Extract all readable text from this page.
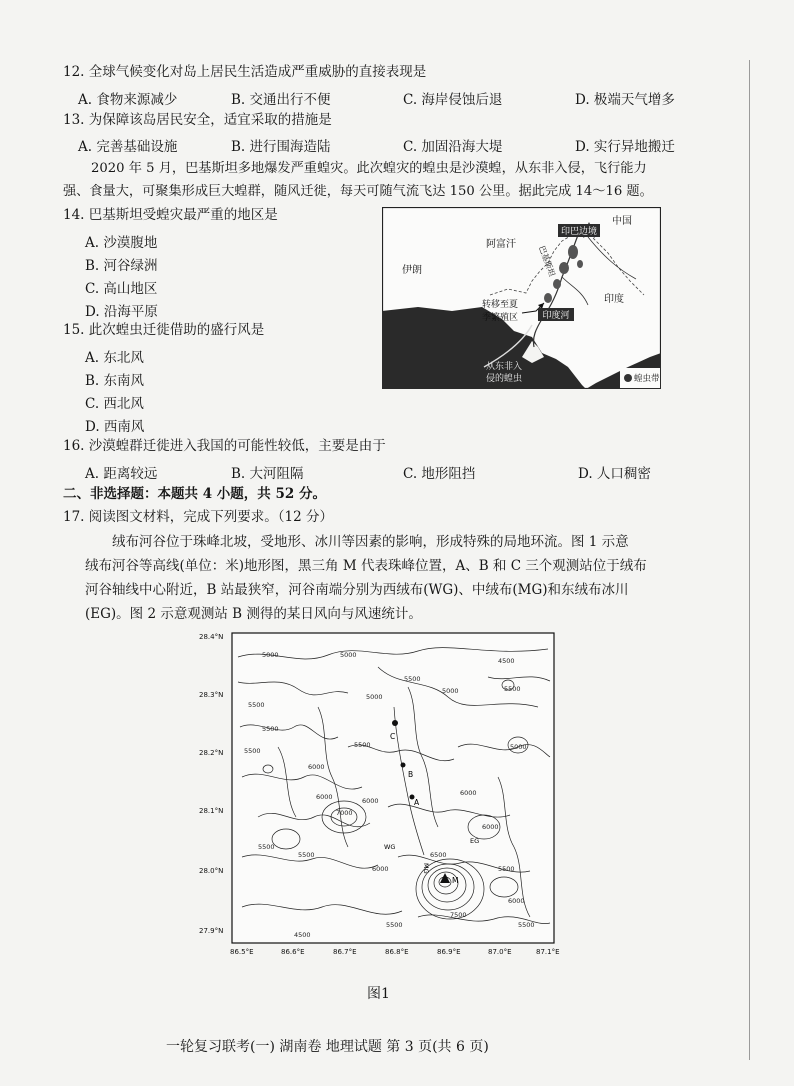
12. 全球气候变化对岛上居民生活造成严重威胁的直接表现是
A. 食物来源减少	B. 交通出行不便	C. 海岸侵蚀后退	D. 极端天气增多
13. 为保障该岛居民安全，适宜采取的措施是
A. 完善基础设施	B. 进行围海造陆	C. 加固沿海大堤	D. 实行异地搬迁
2020 年 5 月，巴基斯坦多地爆发严重蝗灾。此次蝗灾的蝗虫是沙漠蝗，从东非入侵，飞行能力
强、食量大，可聚集形成巨大蝗群，随风迁徙，每天可随气流飞达 150 公里。据此完成 14～16 题。
14. 巴基斯坦受蝗灾最严重的地区是
A. 沙漠腹地
B. 河谷绿洲
C. 高山地区
D. 沿海平原
15. 此次蝗虫迁徙借助的盛行风是
A. 东北风
B. 东南风
C. 西北风
D. 西南风
印巴边境
中国
阿富汗
伊朗
印度
巴基斯坦
转移至夏
季繁殖区	印度河
从东非入
侵的蝗虫	蝗虫带
16. 沙漠蝗群迁徙进入我国的可能性较低，主要是由于
A. 距离较远	B. 大河阻隔	C. 地形阻挡	D. 人口稠密
二、非选择题：本题共 4 小题，共 52 分。
17. 阅读图文材料，完成下列要求。（12 分）
绒布河谷位于珠峰北坡，受地形、冰川等因素的影响，形成特殊的局地环流。图 1 示意
绒布河谷等高线(单位：米)地形图，黑三角 M 代表珠峰位置，A、B 和 C 三个观测站位于绒布
河谷轴线中心附近，B 站最狭窄，河谷南端分别为西绒布(WG)、中绒布(MG)和东绒布冰川
(EG)。图 2 示意观测站 B 测得的某日风向与风速统计。
C
B
A
M
WG
MG
EG
5000	5000
4500
5500
5500
5000
5500
5000
5500
5000
5500
5500
6000
7000
6000	6000
5500
5500
6000
6000
6000
6500
7500
5500
6000
5500
4500
5500
28.4°N
28.3°N
28.2°N
28.1°N
28.0°N
27.9°N
86.5°E	86.6°E	86.7°E	86.8°E	86.9°E	87.0°E	87.1°E
图1
一轮复习联考(一) 湖南卷 地理试题 第 3 页(共 6 页)
